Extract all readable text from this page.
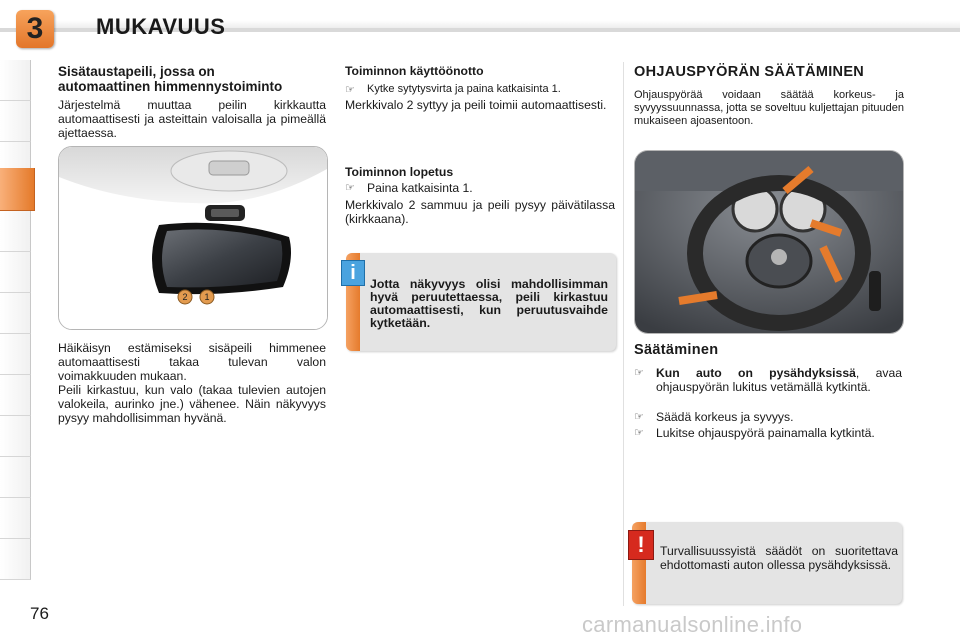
3 MUKAVUUS
Sisätaustapeili, jossa on
automaattinen himmennystoiminto
Järjestelmä muuttaa peilin kirkkautta automaattisesti ja asteittain valoisalla ja pimeällä ajettaessa.
2 1
Häikäisyn estämiseksi sisäpeili himmenee automaattisesti takaa tulevan valon voimakkuuden mukaan.
Peili kirkastuu, kun valo (takaa tulevien autojen valokeila, aurinko jne.) vähenee. Näin näkyvyys pysyy mahdollisimman hyvänä.
Toiminnon käyttöönotto
☞	Kytke sytytysvirta ja paina katkaisinta 1.
Merkkivalo 2 syttyy ja peili toimii automaattisesti.
Toiminnon lopetus
☞ Paina katkaisinta 1.
Merkkivalo 2 sammuu ja peili pysyy päivätilassa (kirkkaana).
i
Jotta näkyvyys olisi mahdollisimman hyvä peruutettaessa, peili kirkastuu automaattisesti, kun peruutusvaihde kytketään.
OHJAUSPYÖRÄN SÄÄTÄMINEN
Ohjauspyörää voidaan säätää korkeus- ja syvyyssuunnassa, jotta se soveltuu kuljettajan pituuden mukaiseen ajoasentoon.
Säätäminen
☞ Kun auto on pysähdyksissä, avaa ohjauspyörän lukitus vetämällä kytkintä.
☞ Säädä korkeus ja syvyys.
☞ Lukitse ohjauspyörä painamalla kytkintä.
!	Turvallisuussyistä säädöt on suoritettava ehdottomasti auton ollessa pysähdyksissä.
76	carmanualsonline.info
